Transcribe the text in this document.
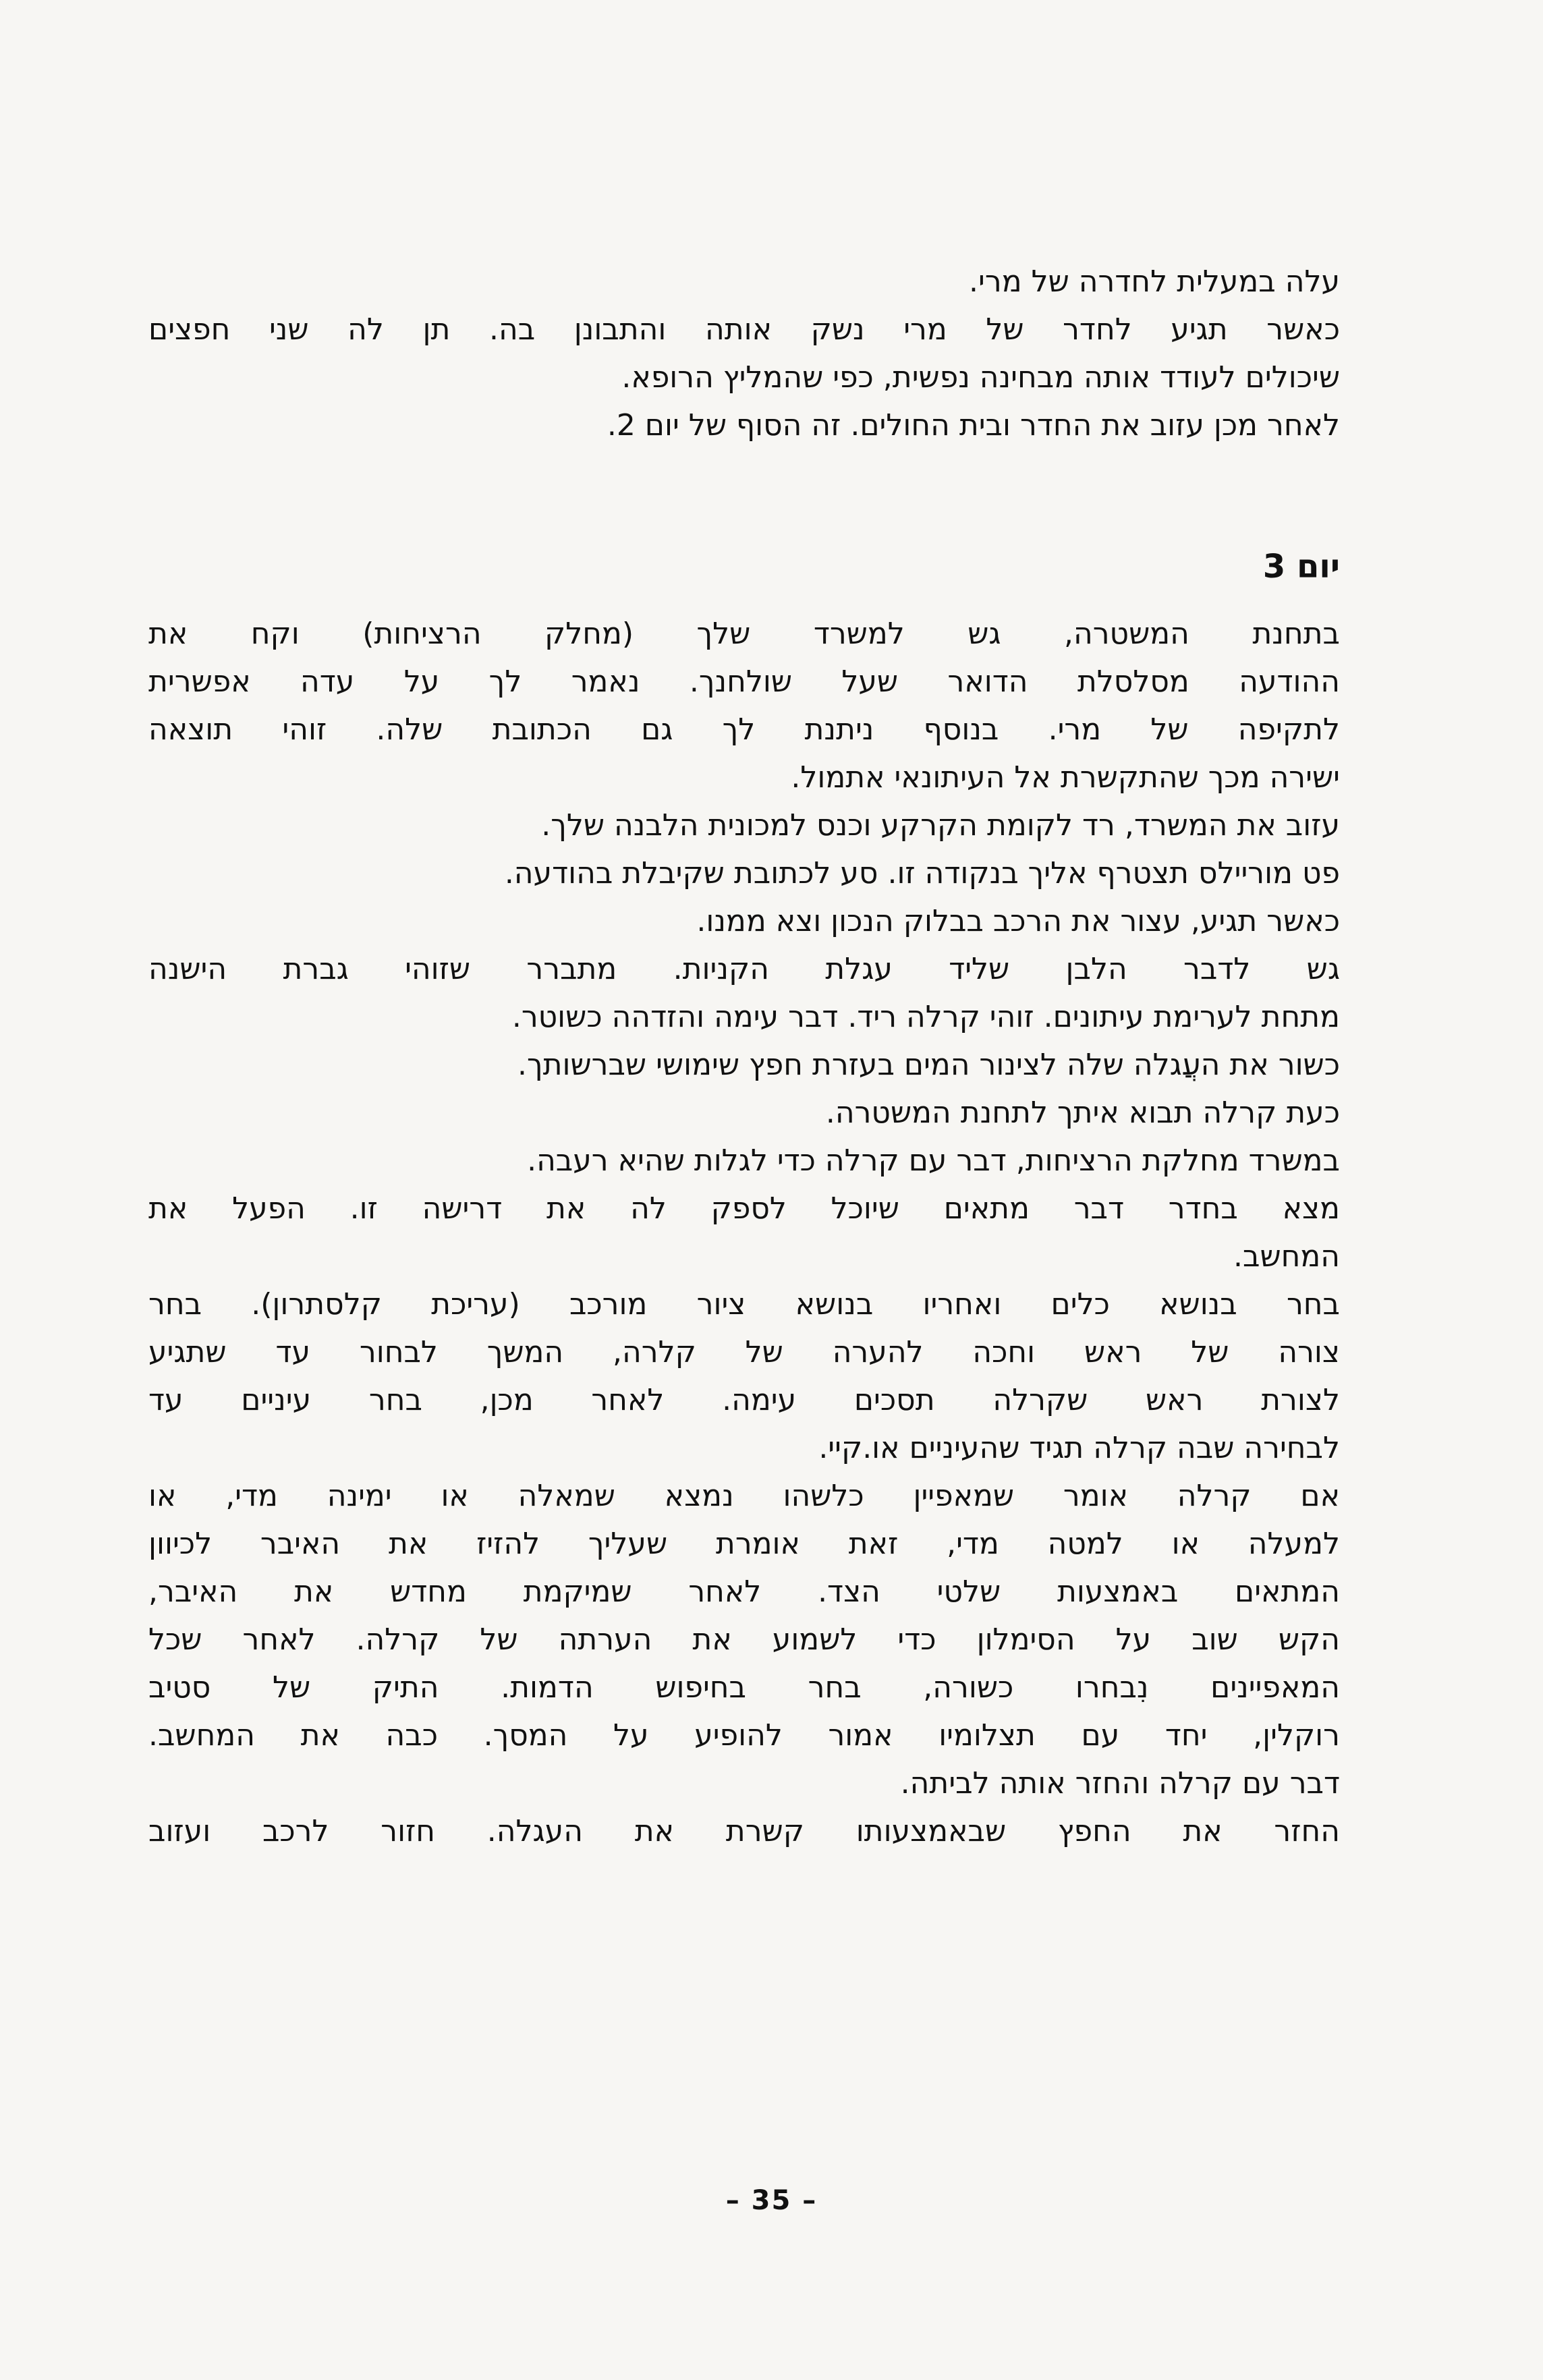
עלה במעלית לחדרה של מרי.
כאשר תגיע לחדר של מרי נשק אותה והתבונן בה. תן לה שני חפצים
שיכולים לעודד אותה מבחינה נפשית, כפי שהמליץ הרופא.
לאחר מכן עזוב את החדר ובית החולים. זה הסוף של יום 2.
יום 3
בתחנת המשטרה, גש למשרד שלך (מחלק הרציחות) וקח את
ההודעה מסלסלת הדואר שעל שולחנך. נאמר לך על עדה אפשרית
לתקיפה של מרי. בנוסף ניתנת לך גם הכתובת שלה. זוהי תוצאה
ישירה מכך שהתקשרת אל העיתונאי אתמול.
עזוב את המשרד, רד לקומת הקרקע וכנס למכונית הלבנה שלך.
פט מוריילס תצטרף אליך בנקודה זו. סע לכתובת שקיבלת בהודעה.
כאשר תגיע, עצור את הרכב בבלוק הנכון וצא ממנו.
גש לדבר הלבן שליד עגלת הקניות. מתברר שזוהי גברת הישנה
מתחת לערימת עיתונים. זוהי קרלה ריד. דבר עימה והזדהה כשוטר.
כשור את העֲגלה שלה לצינור המים בעזרת חפץ שימושי שברשותך.
כעת קרלה תבוא איתך לתחנת המשטרה.
במשרד מחלקת הרציחות, דבר עם קרלה כדי לגלות שהיא רעבה.
מצא בחדר דבר מתאים שיוכל לספק לה את דרישה זו. הפעל את
המחשב.
בחר בנושא כלים ואחריו בנושא ציור מורכב (עריכת קלסתרון). בחר
צורה של ראש וחכה להערה של קלרה, המשך לבחור עד שתגיע
לצורת ראש שקרלה תסכים עימה. לאחר מכן, בחר עיניים עד
לבחירה שבה קרלה תגיד שהעיניים או.קיי.
אם קרלה אומר שמאפיין כלשהו נמצא שמאלה או ימינה מדי, או
למעלה או למטה מדי, זאת אומרת שעליך להזיז את האיבר לכיוון
המתאים באמצעות שלטי הצד. לאחר שמיקמת מחדש את האיבר,
הקש שוב על הסימלון כדי לשמוע את הערתה של קרלה. לאחר שכל
המאפיינים נִבחרו כשורה, בחר בחיפוש הדמות. התיק של סטיב
רוקלין, יחד עם תצלומיו אמור להופיע על המסך. כבה את המחשב.
דבר עם קרלה והחזר אותה לביתה.
החזר את החפץ שבאמצעותו קשרת את העגלה. חזור לרכב ועזוב
– 35 –
